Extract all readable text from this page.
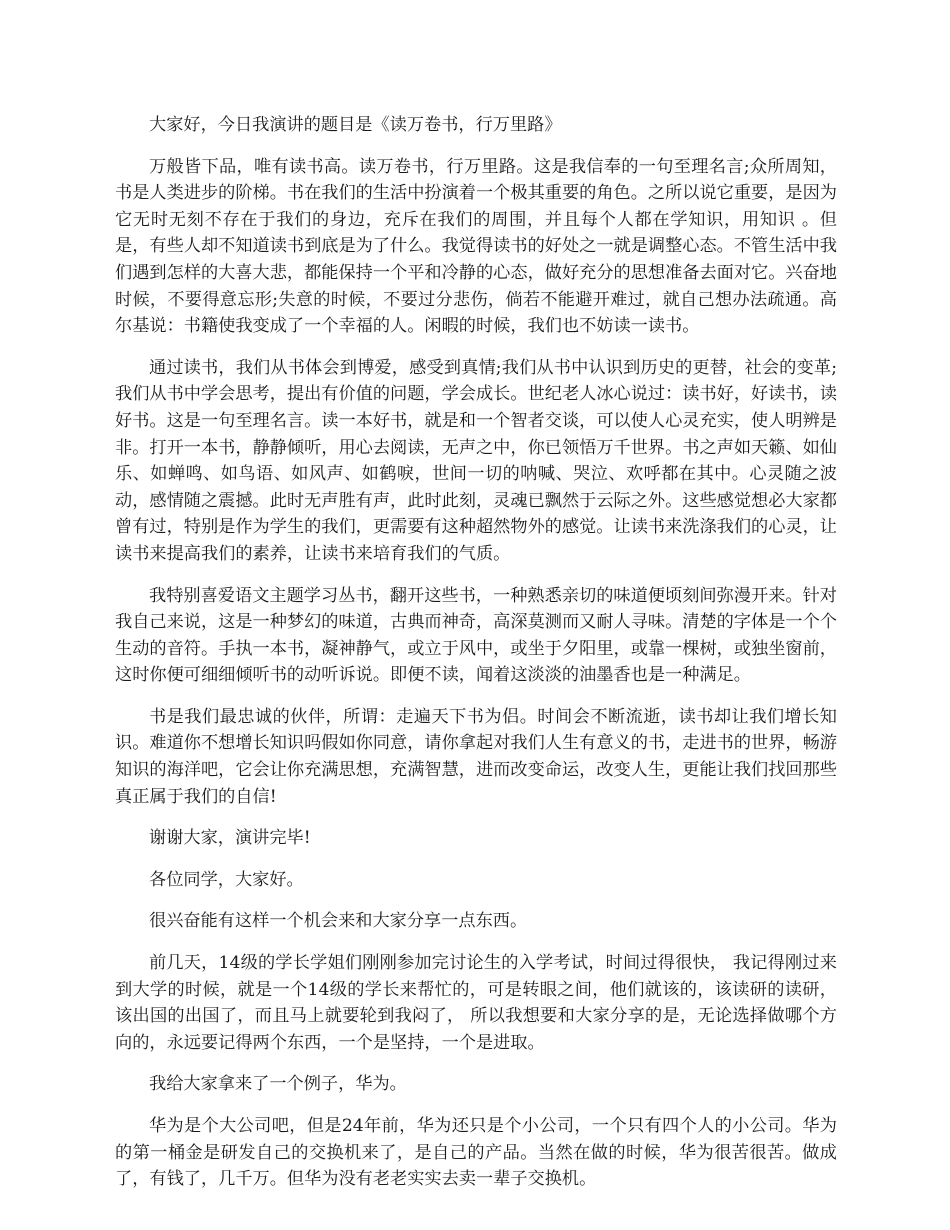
大家好，今日我演讲的题目是《读万卷书，行万里路》

万般皆下品，唯有读书高。读万卷书，行万里路。这是我信奉的一句至理名言;众所周知，书是人类进步的阶梯。书在我们的生活中扮演着一个极其重要的角色。之所以说它重要，是因为它无时无刻不存在于我们的身边，充斥在我们的周围，并且每个人都在学知识，用知识 。但是，有些人却不知道读书到底是为了什么。我觉得读书的好处之一就是调整心态。不管生活中我们遇到怎样的大喜大悲，都能保持一个平和冷静的心态，做好充分的思想准备去面对它。兴奋地时候，不要得意忘形;失意的时候，不要过分悲伤，倘若不能避开难过，就自己想办法疏通。高尔基说：书籍使我变成了一个幸福的人。闲暇的时候，我们也不妨读一读书。

通过读书，我们从书体会到博爱，感受到真情;我们从书中认识到历史的更替，社会的变革;我们从书中学会思考，提出有价值的问题，学会成长。世纪老人冰心说过：读书好，好读书，读好书。这是一句至理名言。读一本好书，就是和一个智者交谈，可以使人心灵充实，使人明辨是非。打开一本书，静静倾听，用心去阅读，无声之中，你已领悟万千世界。书之声如天籁、如仙乐、如蝉鸣、如鸟语、如风声、如鹤唳，世间一切的呐喊、哭泣、欢呼都在其中。心灵随之波动，感情随之震撼。此时无声胜有声，此时此刻，灵魂已飘然于云际之外。这些感觉想必大家都曾有过，特别是作为学生的我们，更需要有这种超然物外的感觉。让读书来洗涤我们的心灵，让读书来提高我们的素养，让读书来培育我们的气质。

我特别喜爱语文主题学习丛书，翻开这些书，一种熟悉亲切的味道便顷刻间弥漫开来。针对我自己来说，这是一种梦幻的味道，古典而神奇，高深莫测而又耐人寻味。清楚的字体是一个个生动的音符。手执一本书，凝神静气，或立于风中，或坐于夕阳里，或靠一棵树，或独坐窗前，这时你便可细细倾听书的动听诉说。即便不读，闻着这淡淡的油墨香也是一种满足。

书是我们最忠诚的伙伴，所谓：走遍天下书为侣。时间会不断流逝，读书却让我们增长知识。难道你不想增长知识吗假如你同意，请你拿起对我们人生有意义的书，走进书的世界，畅游知识的海洋吧，它会让你充满思想，充满智慧，进而改变命运，改变人生，更能让我们找回那些真正属于我们的自信!

谢谢大家，演讲完毕!

各位同学，大家好。

很兴奋能有这样一个机会来和大家分享一点东西。

前几天，14级的学长学姐们刚刚参加完讨论生的入学考试，时间过得很快， 我记得刚过来到大学的时候，就是一个14级的学长来帮忙的，可是转眼之间，他们就该的，该读研的读研，该出国的出国了，而且马上就要轮到我闷了， 所以我想要和大家分享的是，无论选择做哪个方向的，永远要记得两个东西，一个是坚持，一个是进取。

我给大家拿来了一个例子，华为。

华为是个大公司吧，但是24年前，华为还只是个小公司，一个只有四个人的小公司。华为的第一桶金是研发自己的交换机来了，是自己的产品。当然在做的时候，华为很苦很苦。做成了，有钱了，几千万。但华为没有老老实实去卖一辈子交换机。
